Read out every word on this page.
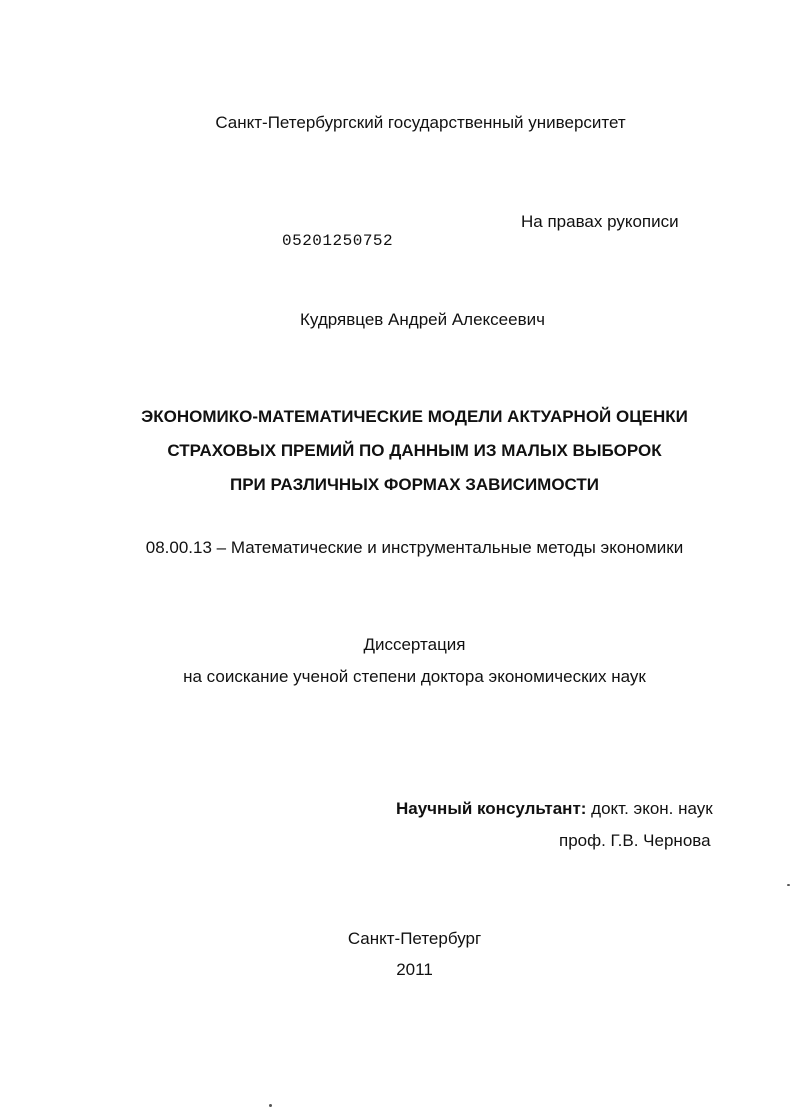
Санкт-Петербургский государственный университет
На правах рукописи
05201250752
Кудрявцев Андрей Алексеевич
ЭКОНОМИКО-МАТЕМАТИЧЕСКИЕ МОДЕЛИ АКТУАРНОЙ ОЦЕНКИ
СТРАХОВЫХ ПРЕМИЙ ПО ДАННЫМ ИЗ МАЛЫХ ВЫБОРОК
ПРИ РАЗЛИЧНЫХ ФОРМАХ ЗАВИСИМОСТИ
08.00.13 – Математические и инструментальные методы экономики
Диссертация
на соискание ученой степени доктора экономических наук
Научный консультант: докт. экон. наук
проф. Г.В. Чернова
Санкт-Петербург
2011
